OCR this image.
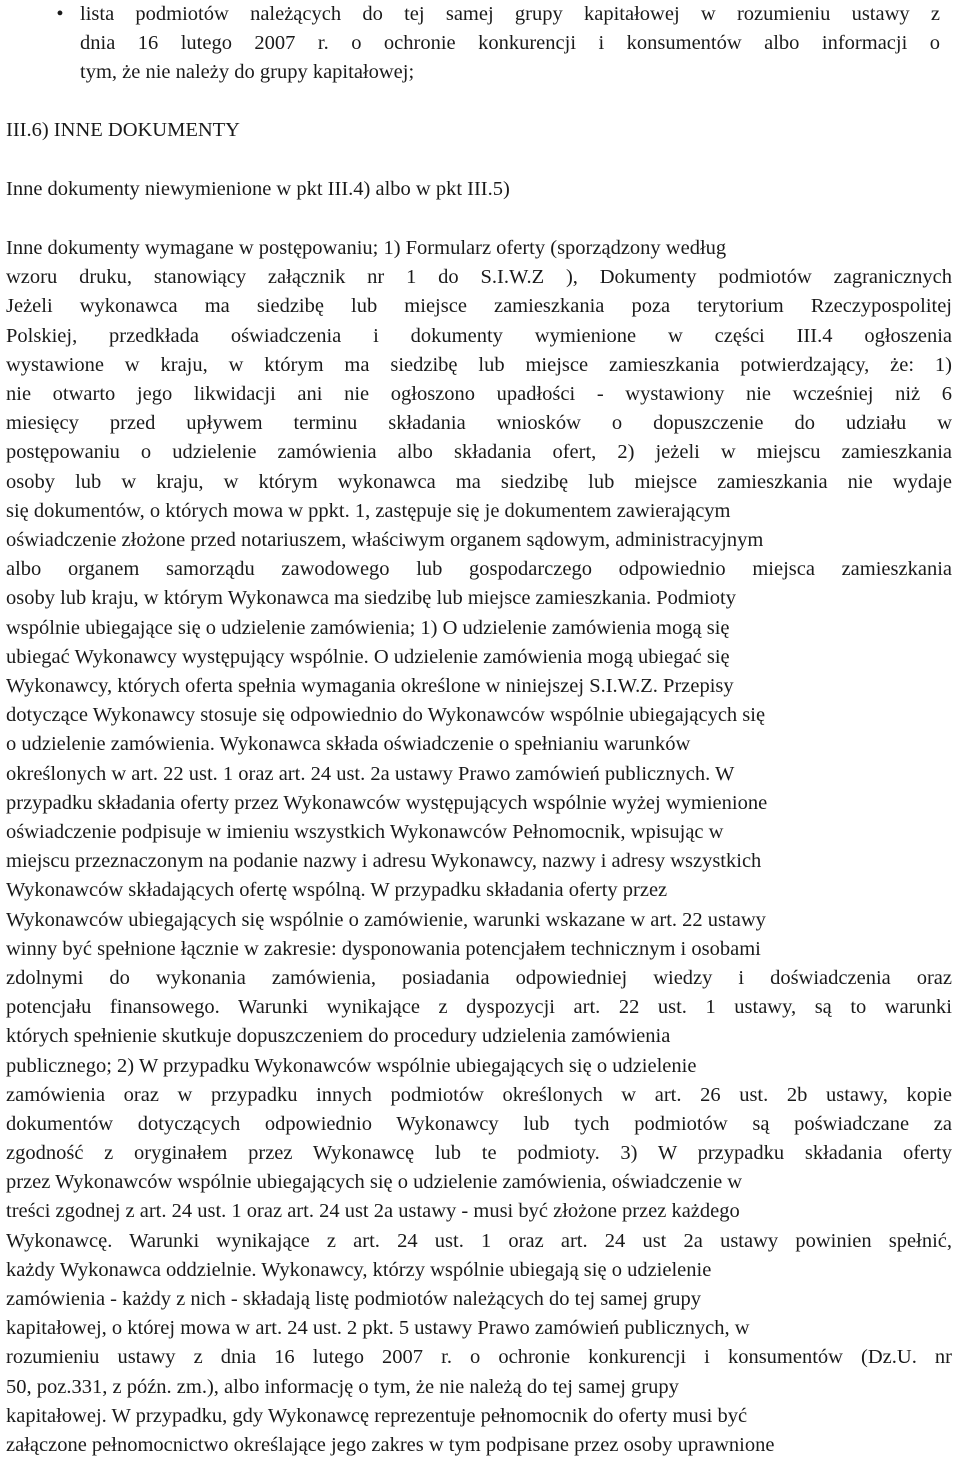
• lista podmiotów należących do tej samej grupy kapitałowej w rozumieniu ustawy z
dnia 16 lutego 2007 r. o ochronie konkurencji i konsumentów albo informacji o
tym, że nie należy do grupy kapitałowej;
III.6) INNE DOKUMENTY
Inne dokumenty niewymienione w pkt III.4) albo w pkt III.5)
Inne dokumenty wymagane w postępowaniu; 1) Formularz oferty (sporządzony według
wzoru druku, stanowiący załącznik nr 1 do S.I.W.Z ), Dokumenty podmiotów zagranicznych
Jeżeli wykonawca ma siedzibę lub miejsce zamieszkania poza terytorium Rzeczypospolitej
Polskiej, przedkłada oświadczenia i dokumenty wymienione w części III.4 ogłoszenia
wystawione w kraju, w którym ma siedzibę lub miejsce zamieszkania potwierdzający, że: 1)
nie otwarto jego likwidacji ani nie ogłoszono upadłości - wystawiony nie wcześniej niż 6
miesięcy przed upływem terminu składania wniosków o dopuszczenie do udziału w
postępowaniu o udzielenie zamówienia albo składania ofert, 2) jeżeli w miejscu zamieszkania
osoby lub w kraju, w którym wykonawca ma siedzibę lub miejsce zamieszkania nie wydaje
się dokumentów, o których mowa w ppkt. 1, zastępuje się je dokumentem zawierającym
oświadczenie złożone przed notariuszem, właściwym organem sądowym, administracyjnym
albo organem samorządu zawodowego lub gospodarczego odpowiednio miejsca zamieszkania
osoby lub kraju, w którym Wykonawca ma siedzibę lub miejsce zamieszkania. Podmioty
wspólnie ubiegające się o udzielenie zamówienia; 1) O udzielenie zamówienia mogą się
ubiegać Wykonawcy występujący wspólnie. O udzielenie zamówienia mogą ubiegać się
Wykonawcy, których oferta spełnia wymagania określone w niniejszej S.I.W.Z. Przepisy
dotyczące Wykonawcy stosuje się odpowiednio do Wykonawców wspólnie ubiegających się
o udzielenie zamówienia. Wykonawca składa oświadczenie o spełnianiu warunków
określonych w art. 22 ust. 1 oraz art. 24 ust. 2a ustawy Prawo zamówień publicznych. W
przypadku składania oferty przez Wykonawców występujących wspólnie wyżej wymienione
oświadczenie podpisuje w imieniu wszystkich Wykonawców Pełnomocnik, wpisując w
miejscu przeznaczonym na podanie nazwy i adresu Wykonawcy, nazwy i adresy wszystkich
Wykonawców składających ofertę wspólną. W przypadku składania oferty przez
Wykonawców ubiegających się wspólnie o zamówienie, warunki wskazane w art. 22 ustawy
winny być spełnione łącznie w zakresie: dysponowania potencjałem technicznym i osobami
zdolnymi do wykonania zamówienia, posiadania odpowiedniej wiedzy i doświadczenia oraz
potencjału finansowego. Warunki wynikające z dyspozycji art. 22 ust. 1 ustawy, są to warunki
których spełnienie skutkuje dopuszczeniem do procedury udzielenia zamówienia
publicznego; 2) W przypadku Wykonawców wspólnie ubiegających się o udzielenie
zamówienia oraz w przypadku innych podmiotów określonych w art. 26 ust. 2b ustawy, kopie
dokumentów dotyczących odpowiednio Wykonawcy lub tych podmiotów są poświadczane za
zgodność z oryginałem przez Wykonawcę lub te podmioty. 3) W przypadku składania oferty
przez Wykonawców wspólnie ubiegających się o udzielenie zamówienia, oświadczenie w
treści zgodnej z art. 24 ust. 1 oraz art. 24 ust 2a ustawy - musi być złożone przez każdego
Wykonawcę. Warunki wynikające z art. 24 ust. 1 oraz art. 24 ust 2a ustawy powinien spełnić,
każdy Wykonawca oddzielnie. Wykonawcy, którzy wspólnie ubiegają się o udzielenie
zamówienia - każdy z nich - składają listę podmiotów należących do tej samej grupy
kapitałowej, o której mowa w art. 24 ust. 2 pkt. 5 ustawy Prawo zamówień publicznych, w
rozumieniu ustawy z dnia 16 lutego 2007 r. o ochronie konkurencji i konsumentów (Dz.U. nr
50, poz.331, z późn. zm.), albo informację o tym, że nie należą do tej samej grupy
kapitałowej. W przypadku, gdy Wykonawcę reprezentuje pełnomocnik do oferty musi być
załączone pełnomocnictwo określające jego zakres w tym podpisane przez osoby uprawnione
